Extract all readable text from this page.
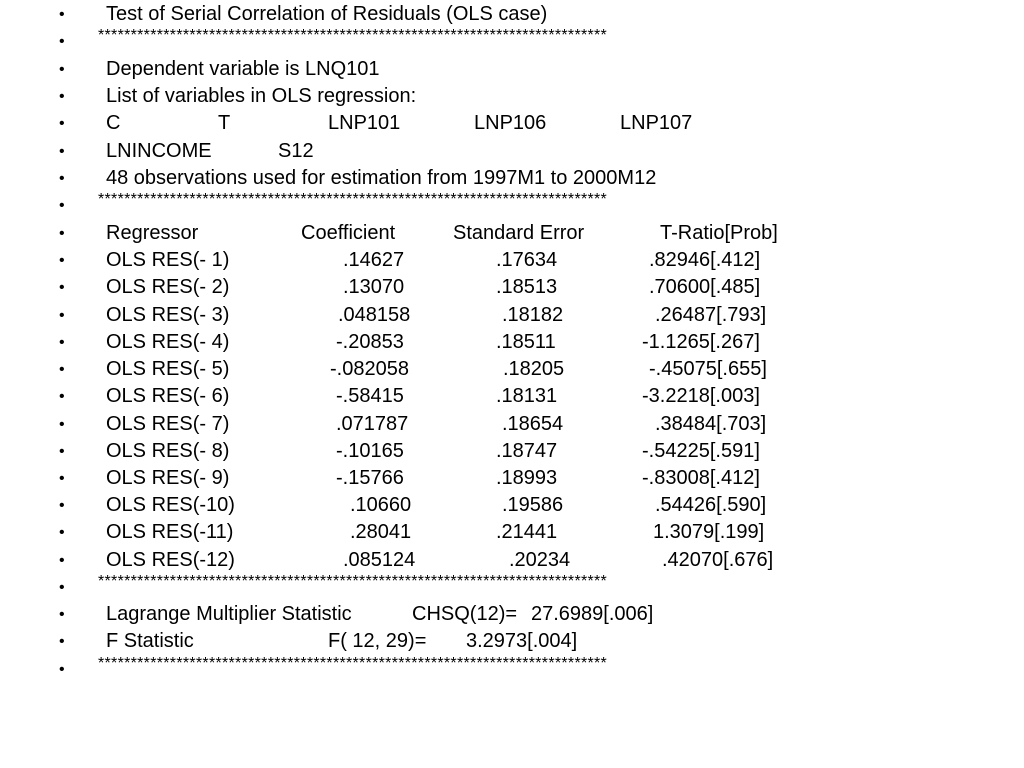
• Test of Serial Correlation of Residuals (OLS case)
• ******************************************************************************
• Dependent variable is LNQ101
• List of variables in OLS regression:
• C	T	LNP101	LNP106	LNP107
• LNINCOME	S12
• 48 observations used for estimation from 1997M1 to 2000M12
• ******************************************************************************
• Regressor	Coefficient	Standard Error	T-Ratio[Prob]
• OLS RES(- 1)	.14627	.17634	.82946[.412]
• OLS RES(- 2)	.13070	.18513	.70600[.485]
• OLS RES(- 3)	.048158	.18182	.26487[.793]
• OLS RES(- 4)	-.20853	.18511	-1.1265[.267]
• OLS RES(- 5)	-.082058	.18205	-.45075[.655]
• OLS RES(- 6)	-.58415	.18131	-3.2218[.003]
• OLS RES(- 7)	.071787	.18654	.38484[.703]
• OLS RES(- 8)	-.10165	.18747	-.54225[.591]
• OLS RES(- 9)	-.15766	.18993	-.83008[.412]
• OLS RES(-10)	.10660	.19586	.54426[.590]
• OLS RES(-11)	.28041	.21441	1.3079[.199]
• OLS RES(-12)	.085124	.20234	.42070[.676]
• ******************************************************************************
• Lagrange Multiplier Statistic	CHSQ(12)= 27.6989[.006]
• F Statistic	F( 12, 29)= 3.2973[.004]
• ******************************************************************************
